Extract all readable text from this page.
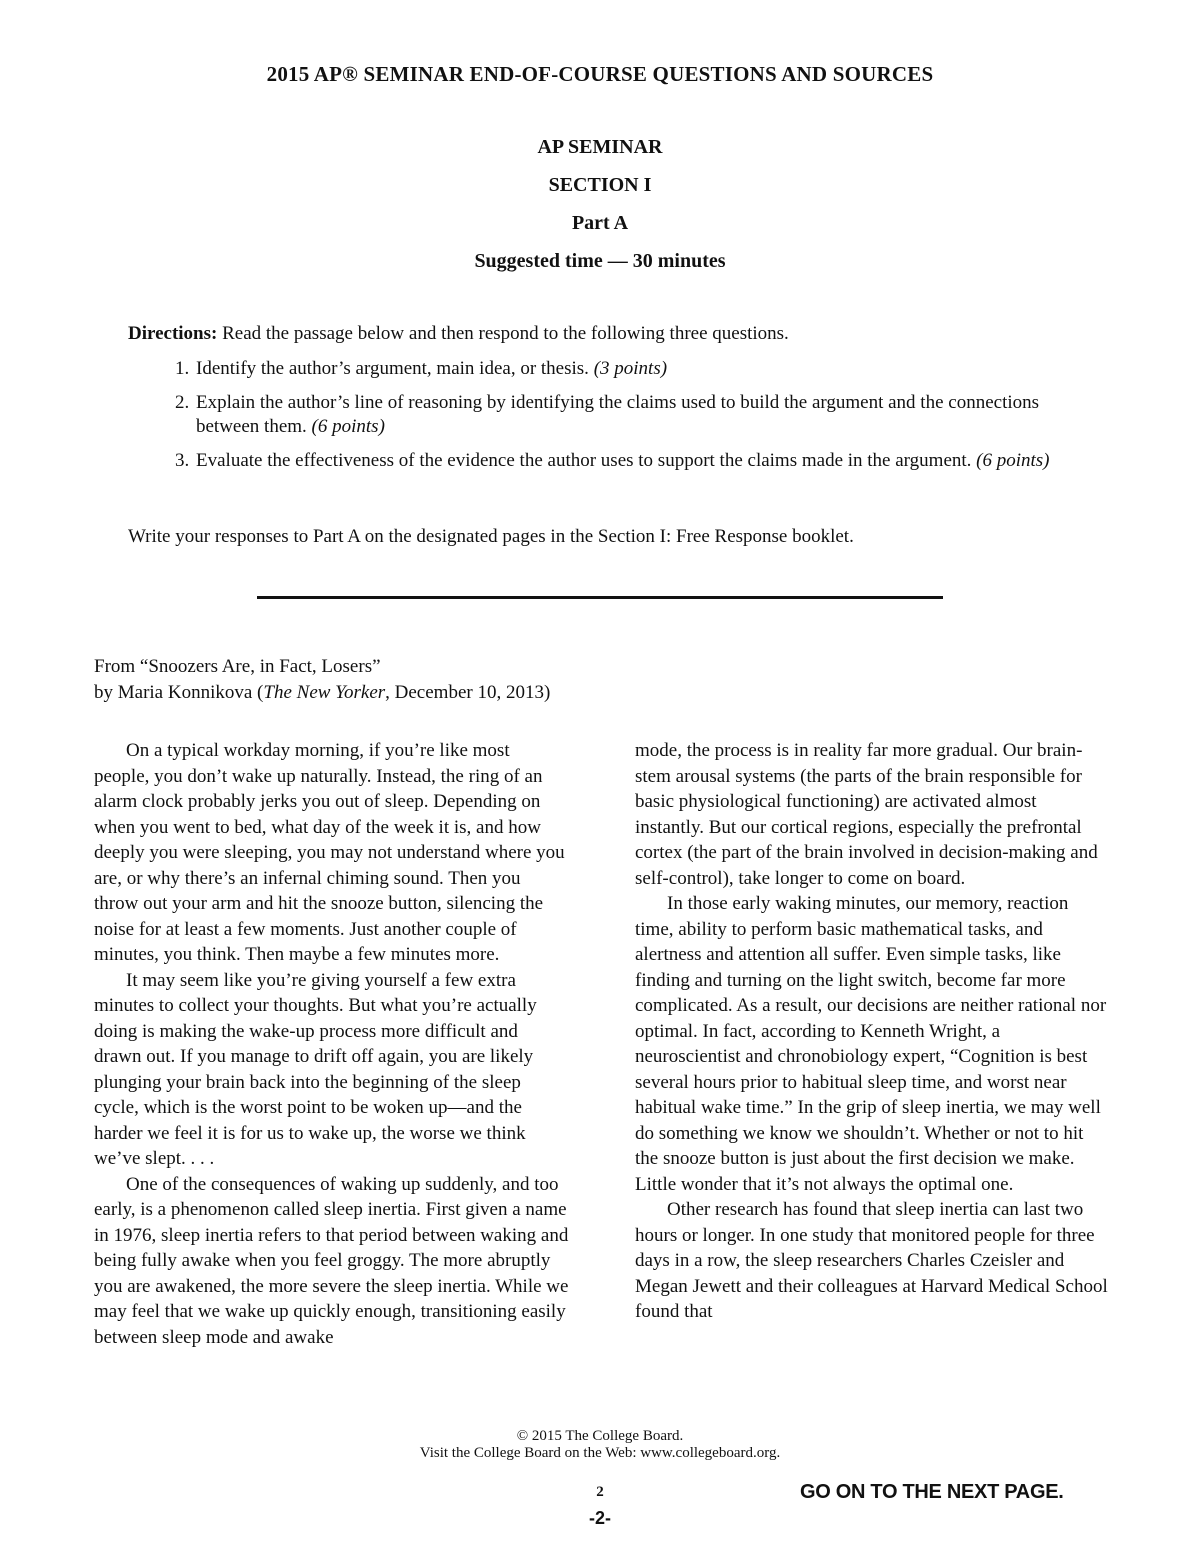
2015 AP® SEMINAR END-OF-COURSE QUESTIONS AND SOURCES
AP SEMINAR
SECTION I
Part A
Suggested time — 30 minutes
Directions: Read the passage below and then respond to the following three questions.
1. Identify the author’s argument, main idea, or thesis. (3 points)
2. Explain the author’s line of reasoning by identifying the claims used to build the argument and the connections between them. (6 points)
3. Evaluate the effectiveness of the evidence the author uses to support the claims made in the argument. (6 points)
Write your responses to Part A on the designated pages in the Section I: Free Response booklet.
From “Snoozers Are, in Fact, Losers”
by Maria Konnikova (The New Yorker, December 10, 2013)

On a typical workday morning, if you’re like most people, you don’t wake up naturally. Instead, the ring of an alarm clock probably jerks you out of sleep. Depending on when you went to bed, what day of the week it is, and how deeply you were sleeping, you may not understand where you are, or why there’s an infernal chiming sound. Then you throw out your arm and hit the snooze button, silencing the noise for at least a few moments. Just another couple of minutes, you think. Then maybe a few minutes more.

It may seem like you’re giving yourself a few extra minutes to collect your thoughts. But what you’re actually doing is making the wake-up process more difficult and drawn out. If you manage to drift off again, you are likely plunging your brain back into the beginning of the sleep cycle, which is the worst point to be woken up—and the harder we feel it is for us to wake up, the worse we think we’ve slept. . . .

One of the consequences of waking up suddenly, and too early, is a phenomenon called sleep inertia. First given a name in 1976, sleep inertia refers to that period between waking and being fully awake when you feel groggy. The more abruptly you are awakened, the more severe the sleep inertia. While we may feel that we wake up quickly enough, transitioning easily between sleep mode and awake

mode, the process is in reality far more gradual. Our brain-stem arousal systems (the parts of the brain responsible for basic physiological functioning) are activated almost instantly. But our cortical regions, especially the prefrontal cortex (the part of the brain involved in decision-making and self-control), take longer to come on board.

In those early waking minutes, our memory, reaction time, ability to perform basic mathematical tasks, and alertness and attention all suffer. Even simple tasks, like finding and turning on the light switch, become far more complicated. As a result, our decisions are neither rational nor optimal. In fact, according to Kenneth Wright, a neuroscientist and chronobiology expert, “Cognition is best several hours prior to habitual sleep time, and worst near habitual wake time.” In the grip of sleep inertia, we may well do something we know we shouldn’t. Whether or not to hit the snooze button is just about the first decision we make. Little wonder that it’s not always the optimal one.

Other research has found that sleep inertia can last two hours or longer. In one study that monitored people for three days in a row, the sleep researchers Charles Czeisler and Megan Jewett and their colleagues at Harvard Medical School found that

© 2015 The College Board.
Visit the College Board on the Web: www.collegeboard.org.
2	GO ON TO THE NEXT PAGE.
-2-
